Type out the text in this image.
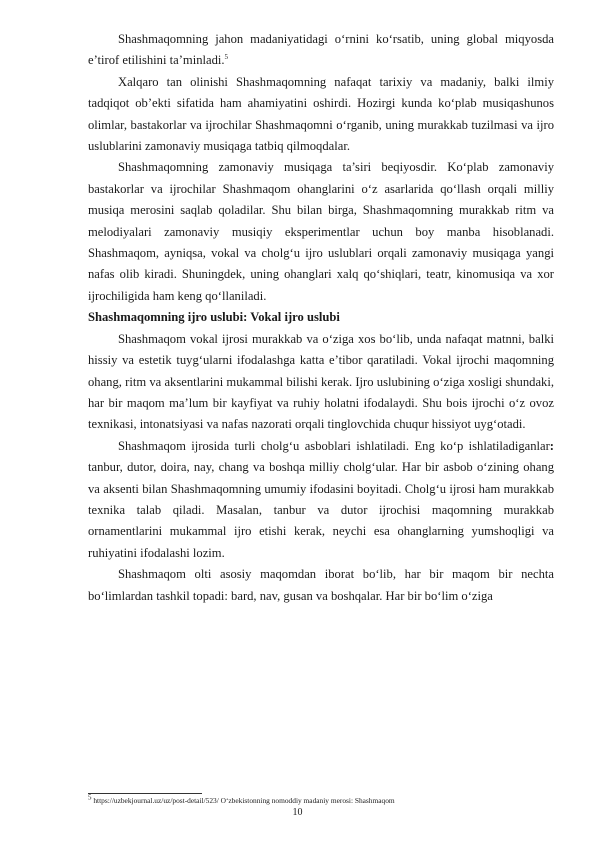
Shashmaqomning jahon madaniyatidagi o‘rnini ko‘rsatib, uning global miqyosda e’tirof etilishini ta’minladi.$^5$

Xalqaro tan olinishi Shashmaqomning nafaqat tarixiy va madaniy, balki ilmiy tadqiqot ob’ekti sifatida ham ahamiyatini oshirdi. Hozirgi kunda ko‘plab musiqashunos olimlar, bastakorlar va ijrochilar Shashmaqomni o‘rganib, uning murakkab tuzilmasi va ijro uslublarini zamonaviy musiqaga tatbiq qilmoqdalar.

Shashmaqomning zamonaviy musiqaga ta’siri beqiyosdir. Ko‘plab zamonaviy bastakorlar va ijrochilar Shashmaqom ohanglarini o‘z asarlarida qo‘llash orqali milliy musiqa merosini saqlab qoladilar. Shu bilan birga, Shashmaqomning murakkab ritm va melodiyalari zamonaviy musiqiy eksperimentlar uchun boy manba hisoblanadi. Shashmaqom, ayniqsa, vokal va cholg‘u ijro uslublari orqali zamonaviy musiqaga yangi nafas olib kiradi. Shuningdek, uning ohanglari xalq qo‘shiqlari, teatr, kinomusiqa va xor ijrochiligida ham keng qo‘llaniladi.

Shashmaqomning ijro uslubi: Vokal ijro uslubi

Shashmaqom vokal ijrosi murakkab va o‘ziga xos bo‘lib, unda nafaqat matnni, balki hissiy va estetik tuyg‘ularni ifodalashga katta e’tibor qaratiladi. Vokal ijrochi maqomning ohang, ritm va aksentlarini mukammal bilishi kerak. Ijro uslubining o‘ziga xosligi shundaki, har bir maqom ma’lum bir kayfiyat va ruhiy holatni ifodalaydi. Shu bois ijrochi o‘z ovoz texnikasi, intonatsiyasi va nafas nazorati orqali tinglovchida chuqur hissiyot uyg‘otadi.

Shashmaqom ijrosida turli cholg‘u asboblari ishlatiladi. Eng ko‘p ishlatiladiganlar: tanbur, dutor, doira, nay, chang va boshqa milliy cholg‘ular. Har bir asbob o‘zining ohang va aksenti bilan Shashmaqomning umumiy ifodasini boyitadi. Cholg‘u ijrosi ham murakkab texnika talab qiladi. Masalan, tanbur va dutor ijrochisi maqomning murakkab ornamentlarini mukammal ijro etishi kerak, neychi esa ohanglarning yumshoqligi va ruhiyatini ifodalashi lozim.

Shashmaqom olti asosiy maqomdan iborat bo‘lib, har bir maqom bir nechta bo‘limlardan tashkil topadi: bard, nav, gusan va boshqalar. Har bir bo‘lim o‘ziga

$^5$ https://uzbekjournal.uz/uz/post-detail/523/ O‘zbekistonning nomoddiy madaniy merosi: Shashmaqom
10
